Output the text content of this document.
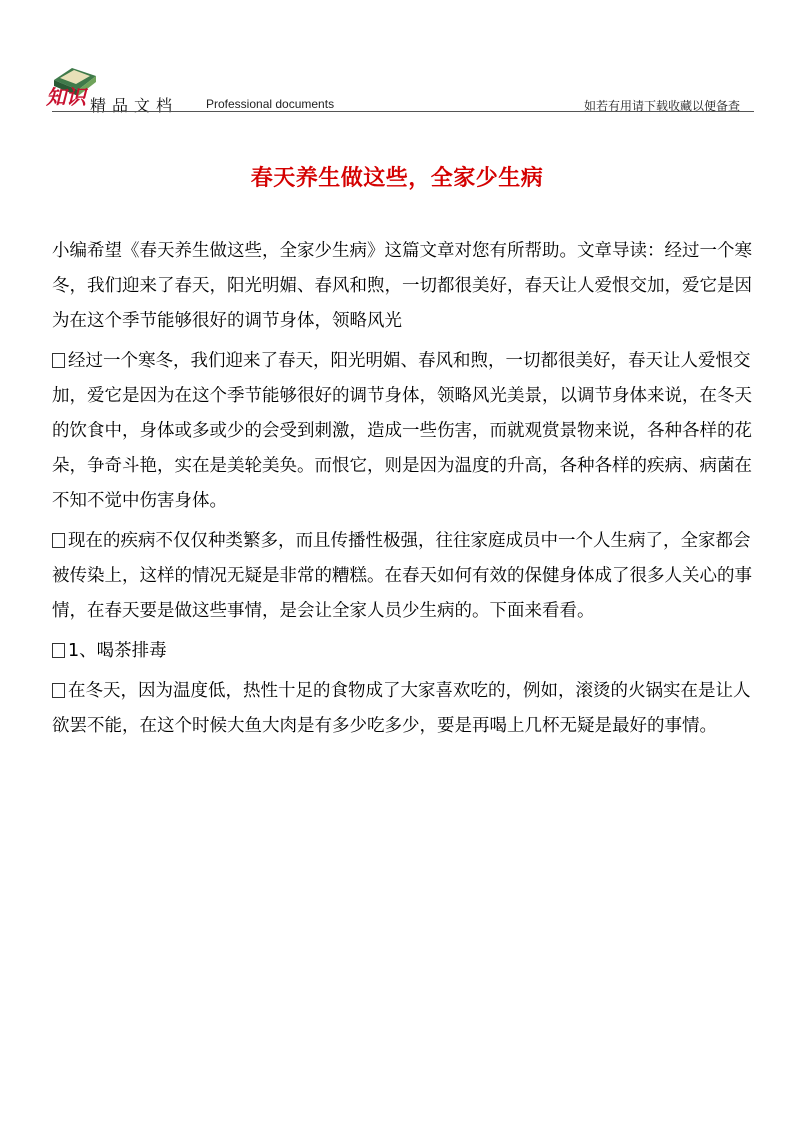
知识 精品文档 Professional documents	如若有用请下载收藏以便备查
春天养生做这些，全家少生病

小编希望《春天养生做这些，全家少生病》这篇文章对您有所帮助。文章导读：经过一个寒冬，我们迎来了春天，阳光明媚、春风和煦，一切都很美好，春天让人爱恨交加，爱它是因为在这个季节能够很好的调节身体，领略风光

经过一个寒冬，我们迎来了春天，阳光明媚、春风和煦，一切都很美好，春天让人爱恨交加，爱它是因为在这个季节能够很好的调节身体，领略风光美景，以调节身体来说，在冬天的饮食中，身体或多或少的会受到刺激，造成一些伤害，而就观赏景物来说，各种各样的花朵，争奇斗艳，实在是美轮美奂。而恨它，则是因为温度的升高，各种各样的疾病、病菌在不知不觉中伤害身体。

现在的疾病不仅仅种类繁多，而且传播性极强，往往家庭成员中一个人生病了，全家都会被传染上，这样的情况无疑是非常的糟糕。在春天如何有效的保健身体成了很多人关心的事情，在春天要是做这些事情，是会让全家人员少生病的。下面来看看。

1、喝茶排毒

在冬天，因为温度低，热性十足的食物成了大家喜欢吃的，例如，滚烫的火锅实在是让人欲罢不能，在这个时候大鱼大肉是有多少吃多少，要是再喝上几杯无疑是最好的事情。
